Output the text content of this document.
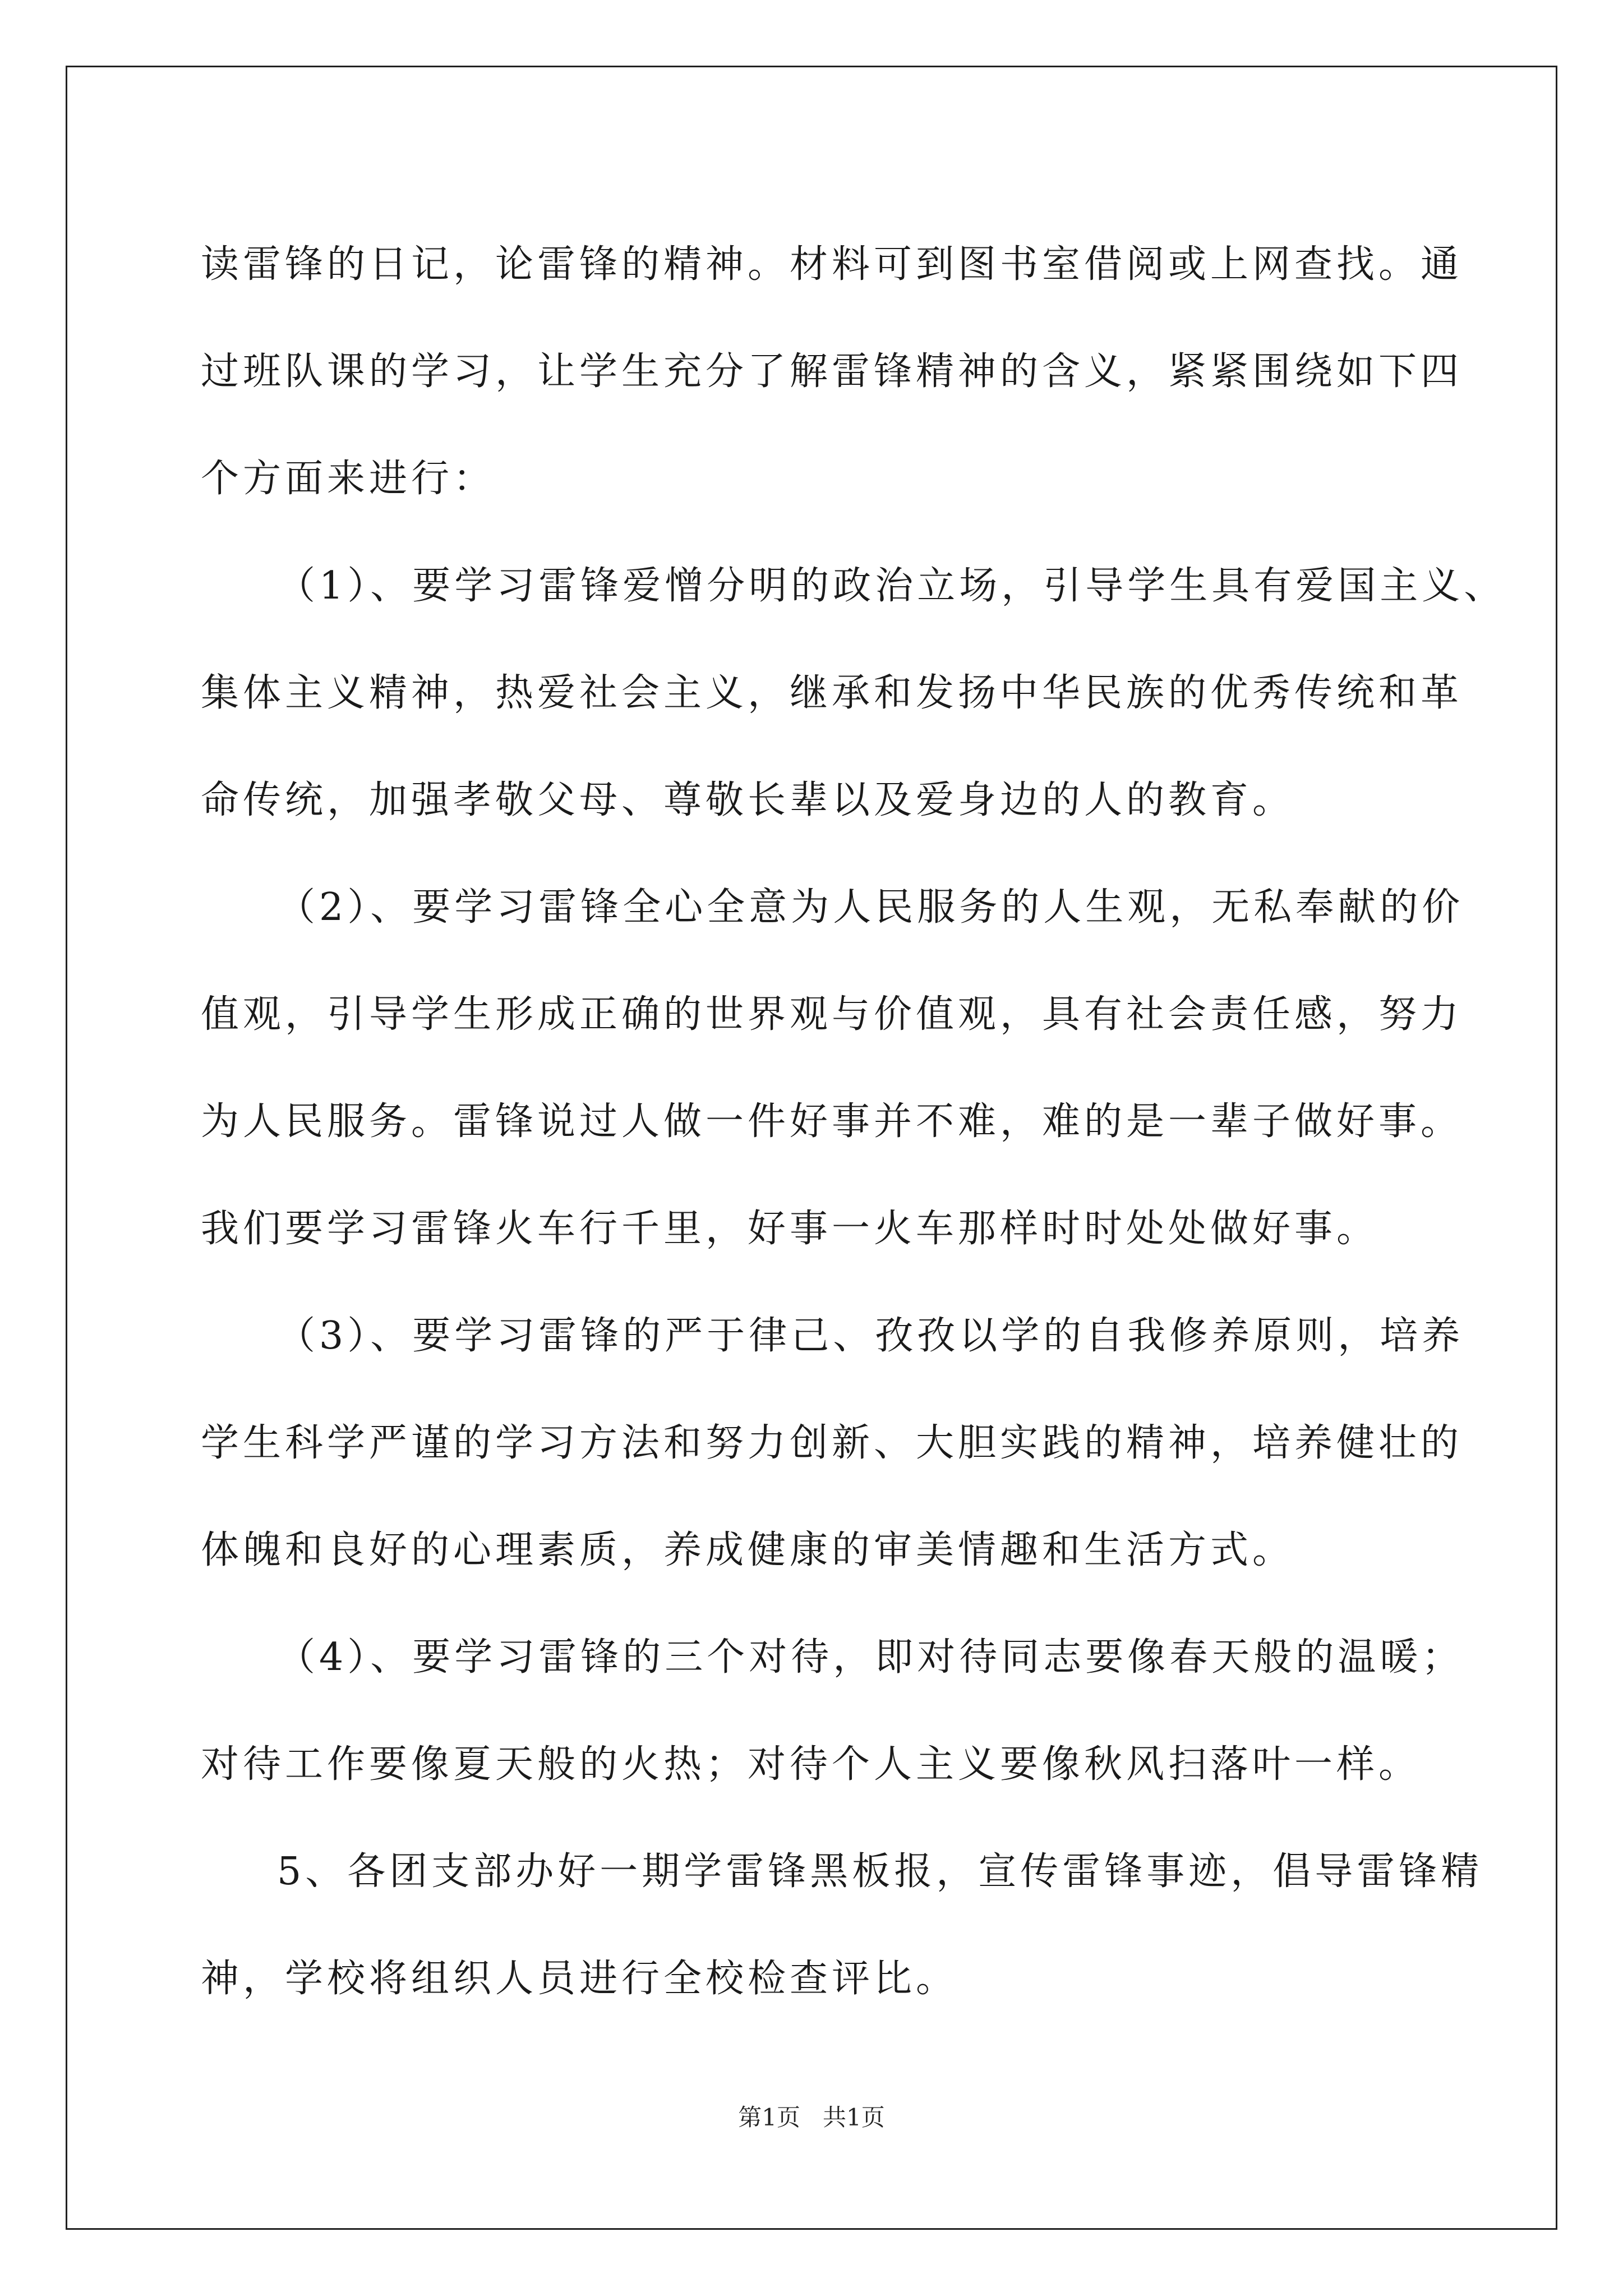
读雷锋的日记，论雷锋的精神。材料可到图书室借阅或上网查找。通

过班队课的学习，让学生充分了解雷锋精神的含义，紧紧围绕如下四

个方面来进行：

（1）、要学习雷锋爱憎分明的政治立场，引导学生具有爱国主义、

集体主义精神，热爱社会主义，继承和发扬中华民族的优秀传统和革

命传统，加强孝敬父母、尊敬长辈以及爱身边的人的教育。

（2）、要学习雷锋全心全意为人民服务的人生观，无私奉献的价

值观，引导学生形成正确的世界观与价值观，具有社会责任感，努力

为人民服务。雷锋说过人做一件好事并不难，难的是一辈子做好事。

我们要学习雷锋火车行千里，好事一火车那样时时处处做好事。

（3）、要学习雷锋的严于律己、孜孜以学的自我修养原则，培养

学生科学严谨的学习方法和努力创新、大胆实践的精神，培养健壮的

体魄和良好的心理素质，养成健康的审美情趣和生活方式。

（4）、要学习雷锋的三个对待，即对待同志要像春天般的温暖；

对待工作要像夏天般的火热；对待个人主义要像秋风扫落叶一样。

5、各团支部办好一期学雷锋黑板报，宣传雷锋事迹，倡导雷锋精

神，学校将组织人员进行全校检查评比。

第1页 共1页
